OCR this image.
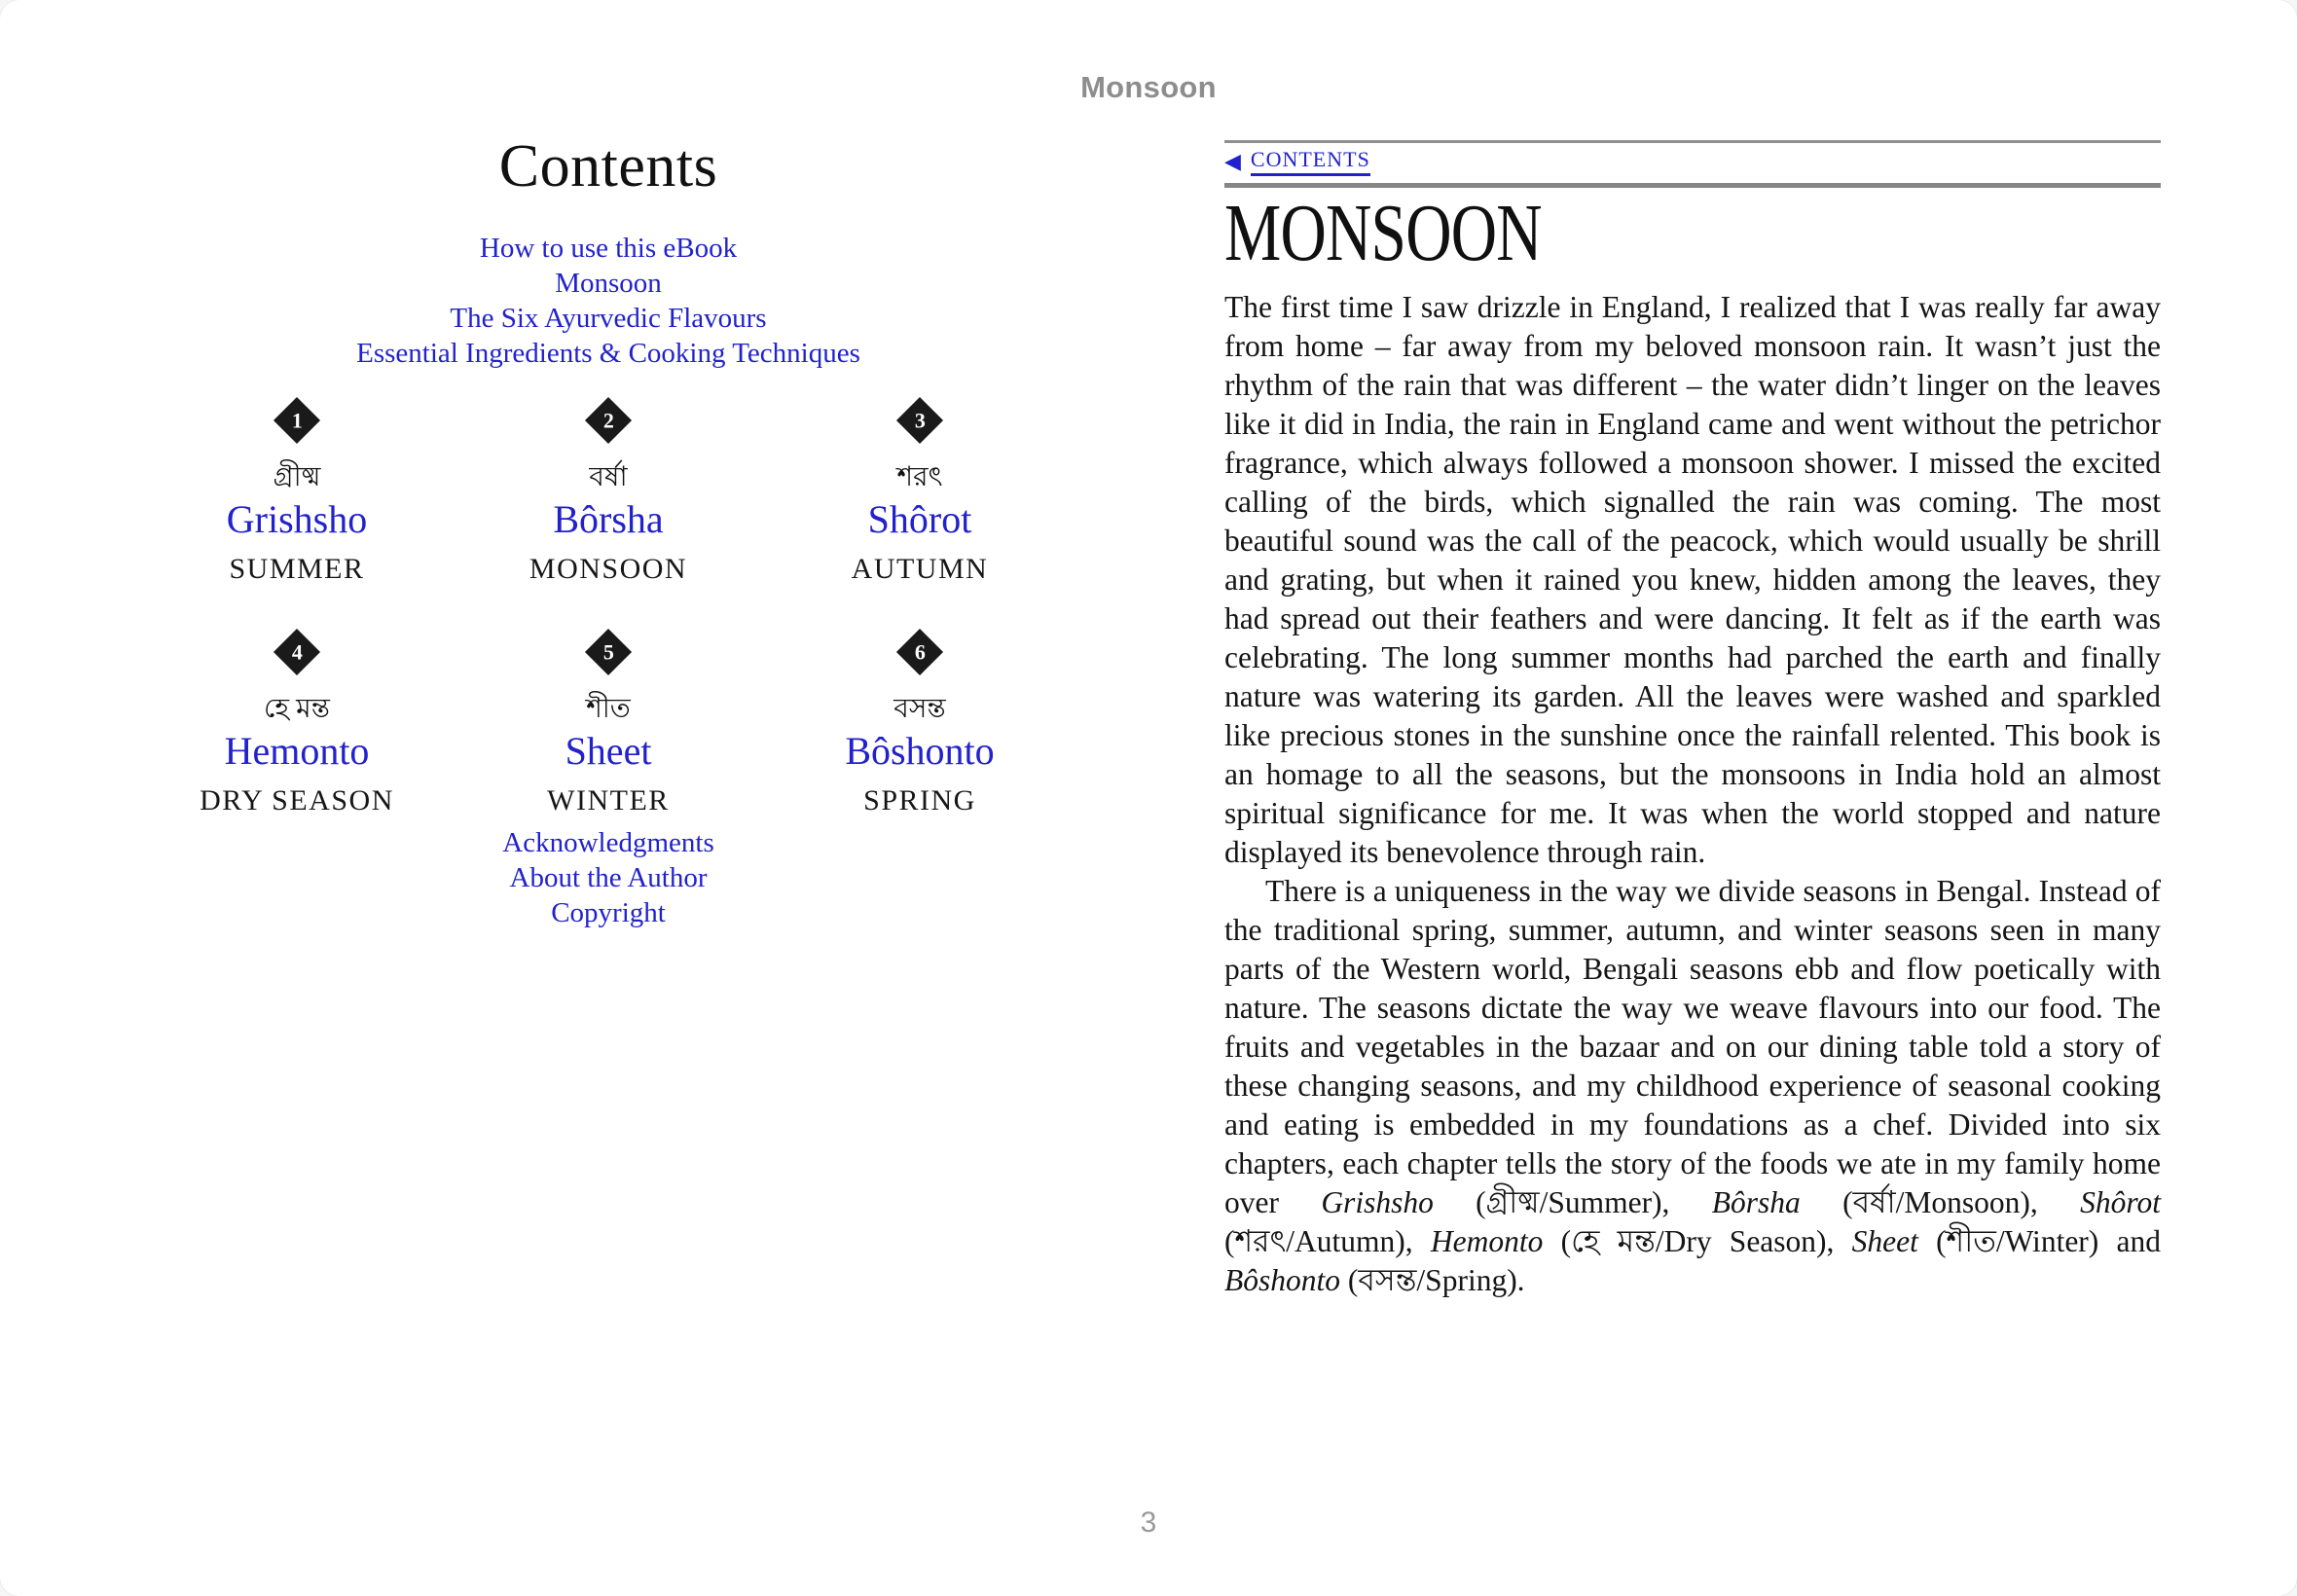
Monsoon
Contents
How to use this eBook
Monsoon
The Six Ayurvedic Flavours
Essential Ingredients & Cooking Techniques
1
গ্রীষ্ম
Grishsho
SUMMER
2
বর্ষা
Bôrsha
MONSOON
3
শরৎ
Shôrot
AUTUMN
4
হে মন্ত
Hemonto
DRY SEASON
5
শীত
Sheet
WINTER
6
বসন্ত
Bôshonto
SPRING
Acknowledgments
About the Author
Copyright
◀ CONTENTS
MONSOON

The first time I saw drizzle in England, I realized that I was really far away from home – far away from my beloved monsoon rain. It wasn’t just the rhythm of the rain that was different – the water didn’t linger on the leaves like it did in India, the rain in England came and went without the petrichor fragrance, which always followed a monsoon shower. I missed the excited calling of the birds, which signalled the rain was coming. The most beautiful sound was the call of the peacock, which would usually be shrill and grating, but when it rained you knew, hidden among the leaves, they had spread out their feathers and were dancing. It felt as if the earth was celebrating. The long summer months had parched the earth and finally nature was watering its garden. All the leaves were washed and sparkled like precious stones in the sunshine once the rainfall relented. This book is an homage to all the seasons, but the monsoons in India hold an almost spiritual significance for me. It was when the world stopped and nature displayed its benevolence through rain.

There is a uniqueness in the way we divide seasons in Bengal. Instead of the traditional spring, summer, autumn, and winter seasons seen in many parts of the Western world, Bengali seasons ebb and flow poetically with nature. The seasons dictate the way we weave flavours into our food. The fruits and vegetables in the bazaar and on our dining table told a story of these changing seasons, and my childhood experience of seasonal cooking and eating is embedded in my foundations as a chef. Divided into six chapters, each chapter tells the story of the foods we ate in my family home over Grishsho (গ্রীষ্ম/Summer), Bôrsha (বর্ষা/Monsoon), Shôrot (শরৎ/Autumn), Hemonto (হে মন্ত/Dry Season), Sheet (শীত/Winter) and Bôshonto (বসন্ত/Spring).

3
